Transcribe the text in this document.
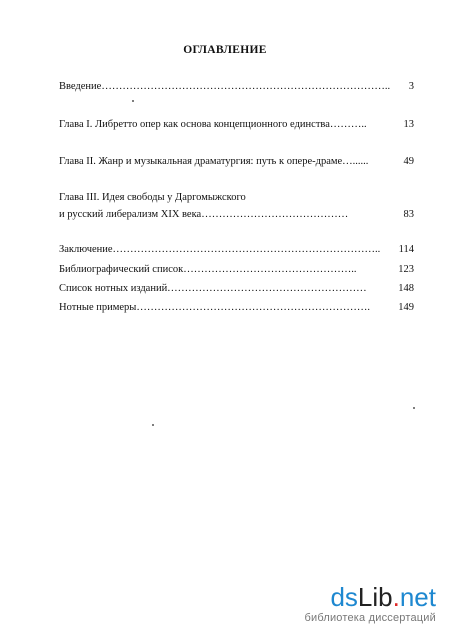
ОГЛАВЛЕНИЕ
Введение……………………………………………………………………….. 3
Глава I. Либретто опер как основа концепционного единства………..	13
Глава II. Жанр и музыкальная драматургия: путь к опере-драме…......	49
Глава III. Идея свободы у Даргомыжского
и русский либерализм XIX века……………………………………	83
Заключение………………………………………………………………….. 114
Библиографический список…………………………………………..	123
Список нотных изданий…………………………………………………	148
Нотные примеры………………………………………………………….	149
dsLib.net
библиотека диссертаций
